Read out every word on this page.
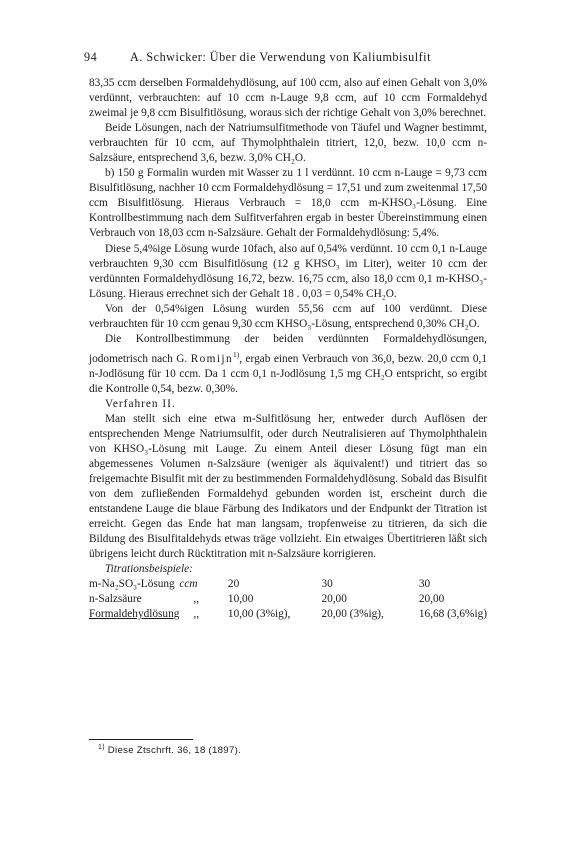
94	A. Schwicker: Über die Verwendung von Kaliumbisulfit

83,35 ccm derselben Formaldehydlösung, auf 100 ccm, also auf einen Gehalt von 3,0% verdünnt, verbrauchten: auf 10 ccm n-Lauge 9,8 ccm, auf 10 ccm Formaldehyd zweimal je 9,8 ccm Bisulfitlösung, woraus sich der richtige Gehalt von 3,0% berechnet.

Beide Lösungen, nach der Natriumsulfitmethode von Täufel und Wagner bestimmt, verbrauchten für 10 ccm, auf Thymolphthalein titriert, 12,0, bezw. 10,0 ccm n-Salzsäure, entsprechend 3,6, bezw. 3,0% CH₂O.

b) 150 g Formalin wurden mit Wasser zu 1 l verdünnt. 10 ccm n-Lauge = 9,73 ccm Bisulfitlösung, nachher 10 ccm Formaldehydlösung = 17,51 und zum zweitenmal 17,50 ccm Bisulfitlösung. Hieraus Verbrauch = 18,0 ccm m-KHSO₃-Lösung. Eine Kontrollbestimmung nach dem Sulfitverfahren ergab in bester Übereinstimmung einen Verbrauch von 18,03 ccm n-Salzsäure. Gehalt der Formaldehydlösung: 5,4%.

Diese 5,4%ige Lösung wurde 10fach, also auf 0,54% verdünnt. 10 ccm 0,1 n-Lauge verbrauchten 9,30 ccm Bisulfitlösung (12 g KHSO₃ im Liter), weiter 10 ccm der verdünnten Formaldehydlösung 16,72, bezw. 16,75 ccm, also 18,0 ccm 0,1 m-KHSO₃-Lösung. Hieraus errechnet sich der Gehalt 18 . 0,03 = 0,54% CH₂O.

Von der 0,54%igen Lösung wurden 55,56 ccm auf 100 verdünnt. Diese verbrauchten für 10 ccm genau 9,30 ccm KHSO₃-Lösung, entsprechend 0,30% CH₂O.

Die Kontrollbestimmung der beiden verdünnten Formaldehydlösungen, jodometrisch nach G. Romijn$^{1)}$, ergab einen Verbrauch von 36,0, bezw. 20,0 ccm 0,1 n-Jodlösung für 10 ccm. Da 1 ccm 0,1 n-Jodlösung 1,5 mg CH₂O entspricht, so ergibt die Kontrolle 0,54, bezw. 0,30%.

Verfahren II.

Man stellt sich eine etwa m-Sulfitlösung her, entweder durch Auflösen der entsprechenden Menge Natriumsulfit, oder durch Neutralisieren auf Thymolphthalein von KHSO₃-Lösung mit Lauge. Zu einem Anteil dieser Lösung fügt man ein abgemessenes Volumen n-Salzsäure (weniger als äquivalent!) und titriert das so freigemachte Bisulfit mit der zu bestimmenden Formaldehydlösung. Sobald das Bisulfit von dem zufließenden Formaldehyd gebunden worden ist, erscheint durch die entstandene Lauge die blaue Färbung des Indikators und der Endpunkt der Titration ist erreicht. Gegen das Ende hat man langsam, tropfenweise zu titrieren, da sich die Bildung des Bisulfitaldehyds etwas träge vollzieht. Ein etwaiges Übertitrieren läßt sich übrigens leicht durch Rücktitration mit n-Salzsäure korrigieren.

Titrationsbeispiele:

m-Na₂SO₃-Lösung	ccm	20	30	30
n-Salzsäure	,,	10,00	20,00	20,00
Formaldehydlösung	,,	10,00 (3%ig),	20,00 (3%ig),	16,68 (3,6%ig)
$^{1)}$ Diese Ztschrft. 36, 18 (1897).
